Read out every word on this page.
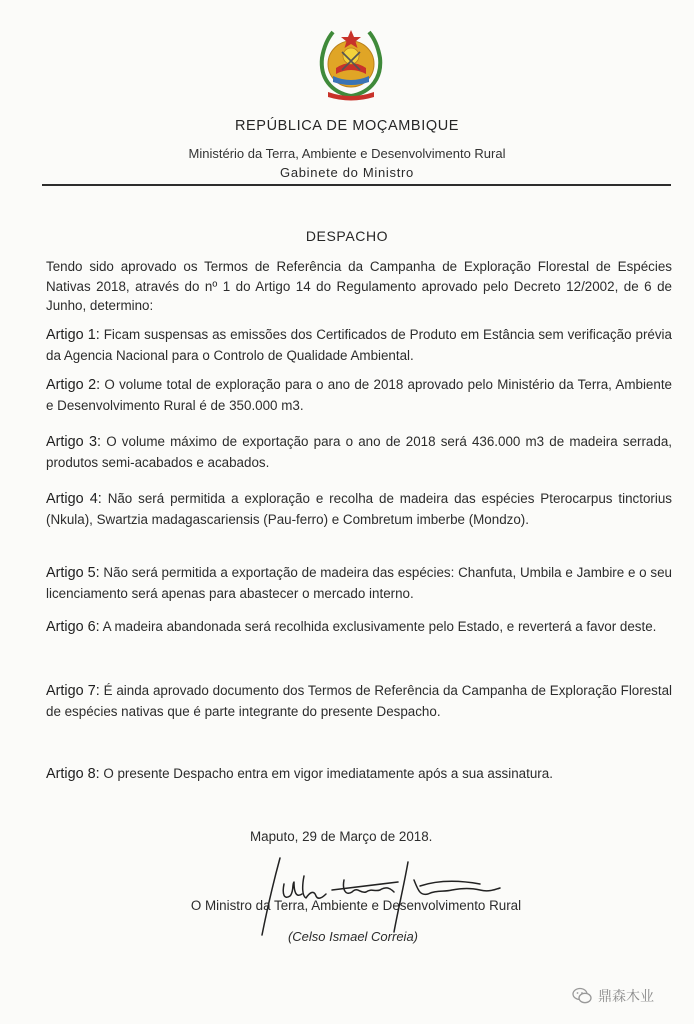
REPÚBLICA DE MOÇAMBIQUE
Ministério da Terra, Ambiente e Desenvolvimento Rural
Gabinete do Ministro
DESPACHO
Tendo sido aprovado os Termos de Referência da Campanha de Exploração Florestal de Espécies Nativas 2018, através do nº 1 do Artigo 14 do Regulamento aprovado pelo Decreto 12/2002, de 6 de Junho, determino:
Artigo 1: Ficam suspensas as emissões dos Certificados de Produto em Estância sem verificação prévia da Agencia Nacional para o Controlo de Qualidade Ambiental.
Artigo 2: O volume total de exploração para o ano de 2018 aprovado pelo Ministério da Terra, Ambiente e Desenvolvimento Rural é de 350.000 m3.
Artigo 3: O volume máximo de exportação para o ano de 2018 será 436.000 m3 de madeira serrada, produtos semi-acabados e acabados.
Artigo 4: Não será permitida a exploração e recolha de madeira das espécies Pterocarpus tinctorius (Nkula), Swartzia madagascariensis (Pau-ferro) e Combretum imberbe (Mondzo).
Artigo 5: Não será permitida a exportação de madeira das espécies: Chanfuta, Umbila e Jambire e o seu licenciamento será apenas para abastecer o mercado interno.
Artigo 6: A madeira abandonada será recolhida exclusivamente pelo Estado, e reverterá a favor deste.
Artigo 7: É ainda aprovado documento dos Termos de Referência da Campanha de Exploração Florestal de espécies nativas que é parte integrante do presente Despacho.
Artigo 8: O presente Despacho entra em vigor imediatamente após a sua assinatura.
Maputo, 29 de Março de 2018.
O Ministro da Terra, Ambiente e Desenvolvimento Rural
(Celso Ismael Correia)
鼎森木业
